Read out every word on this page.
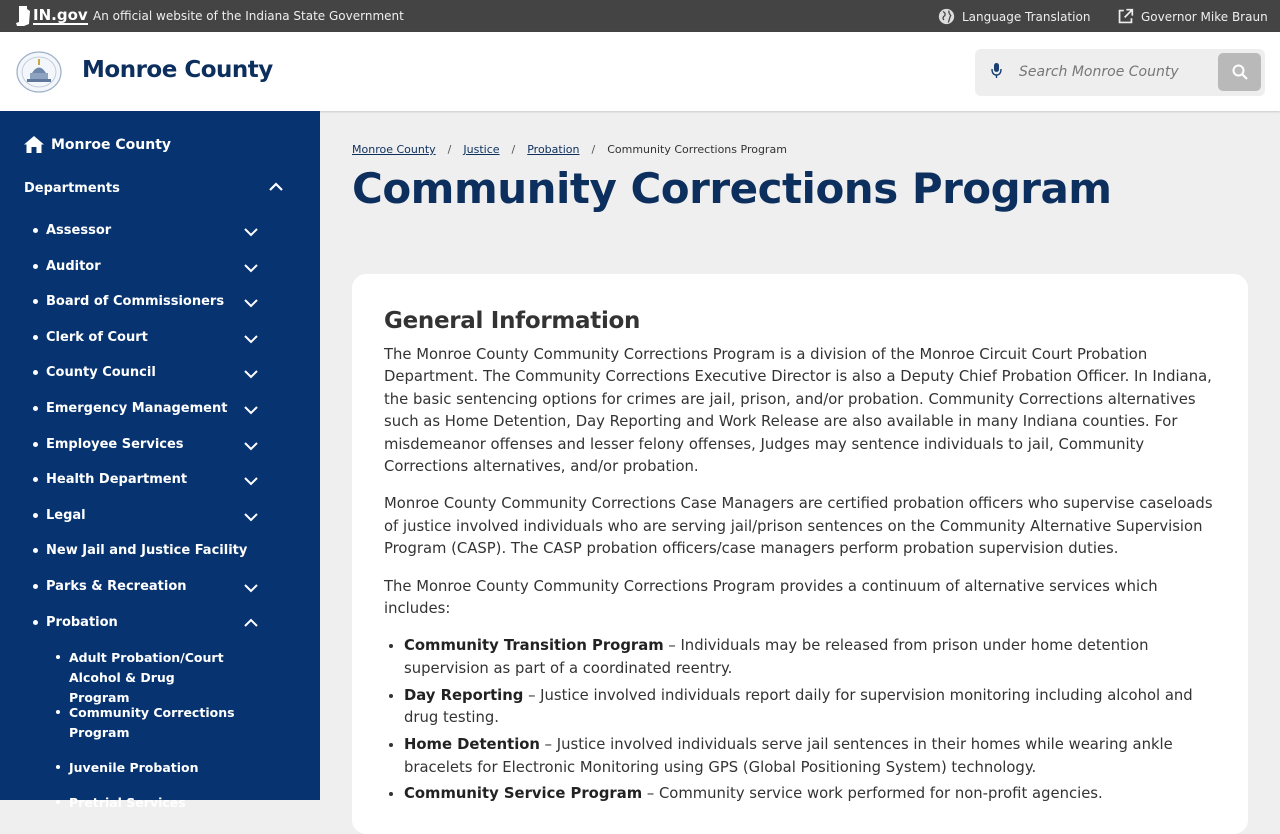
IN.gov An official website of the Indiana State Government	Language Translation	Governor Mike Braun
Monroe County
Search Monroe County
Monroe County
Departments
Assessor
Auditor
Board of Commissioners
Clerk of Court
County Council
Emergency Management
Employee Services
Health Department
Legal
New Jail and Justice Facility
Parks & Recreation
Probation
Adult Probation/Court Alcohol & Drug Program
Community Corrections Program
Juvenile Probation
Pretrial Services
Monroe County / Justice / Probation / Community Corrections Program
Community Corrections Program
General Information

The Monroe County Community Corrections Program is a division of the Monroe Circuit Court Probation Department. The Community Corrections Executive Director is also a Deputy Chief Probation Officer. In Indiana, the basic sentencing options for crimes are jail, prison, and/or probation. Community Corrections alternatives such as Home Detention, Day Reporting and Work Release are also available in many Indiana counties. For misdemeanor offenses and lesser felony offenses, Judges may sentence individuals to jail, Community Corrections alternatives, and/or probation.

Monroe County Community Corrections Case Managers are certified probation officers who supervise caseloads of justice involved individuals who are serving jail/prison sentences on the Community Alternative Supervision Program (CASP). The CASP probation officers/case managers perform probation supervision duties.

The Monroe County Community Corrections Program provides a continuum of alternative services which includes:

• Community Transition Program – Individuals may be released from prison under home detention supervision as part of a coordinated reentry.
• Day Reporting – Justice involved individuals report daily for supervision monitoring including alcohol and drug testing.
• Home Detention – Justice involved individuals serve jail sentences in their homes while wearing ankle bracelets for Electronic Monitoring using GPS (Global Positioning System) technology.
• Community Service Program – Community service work performed for non-profit agencies.
